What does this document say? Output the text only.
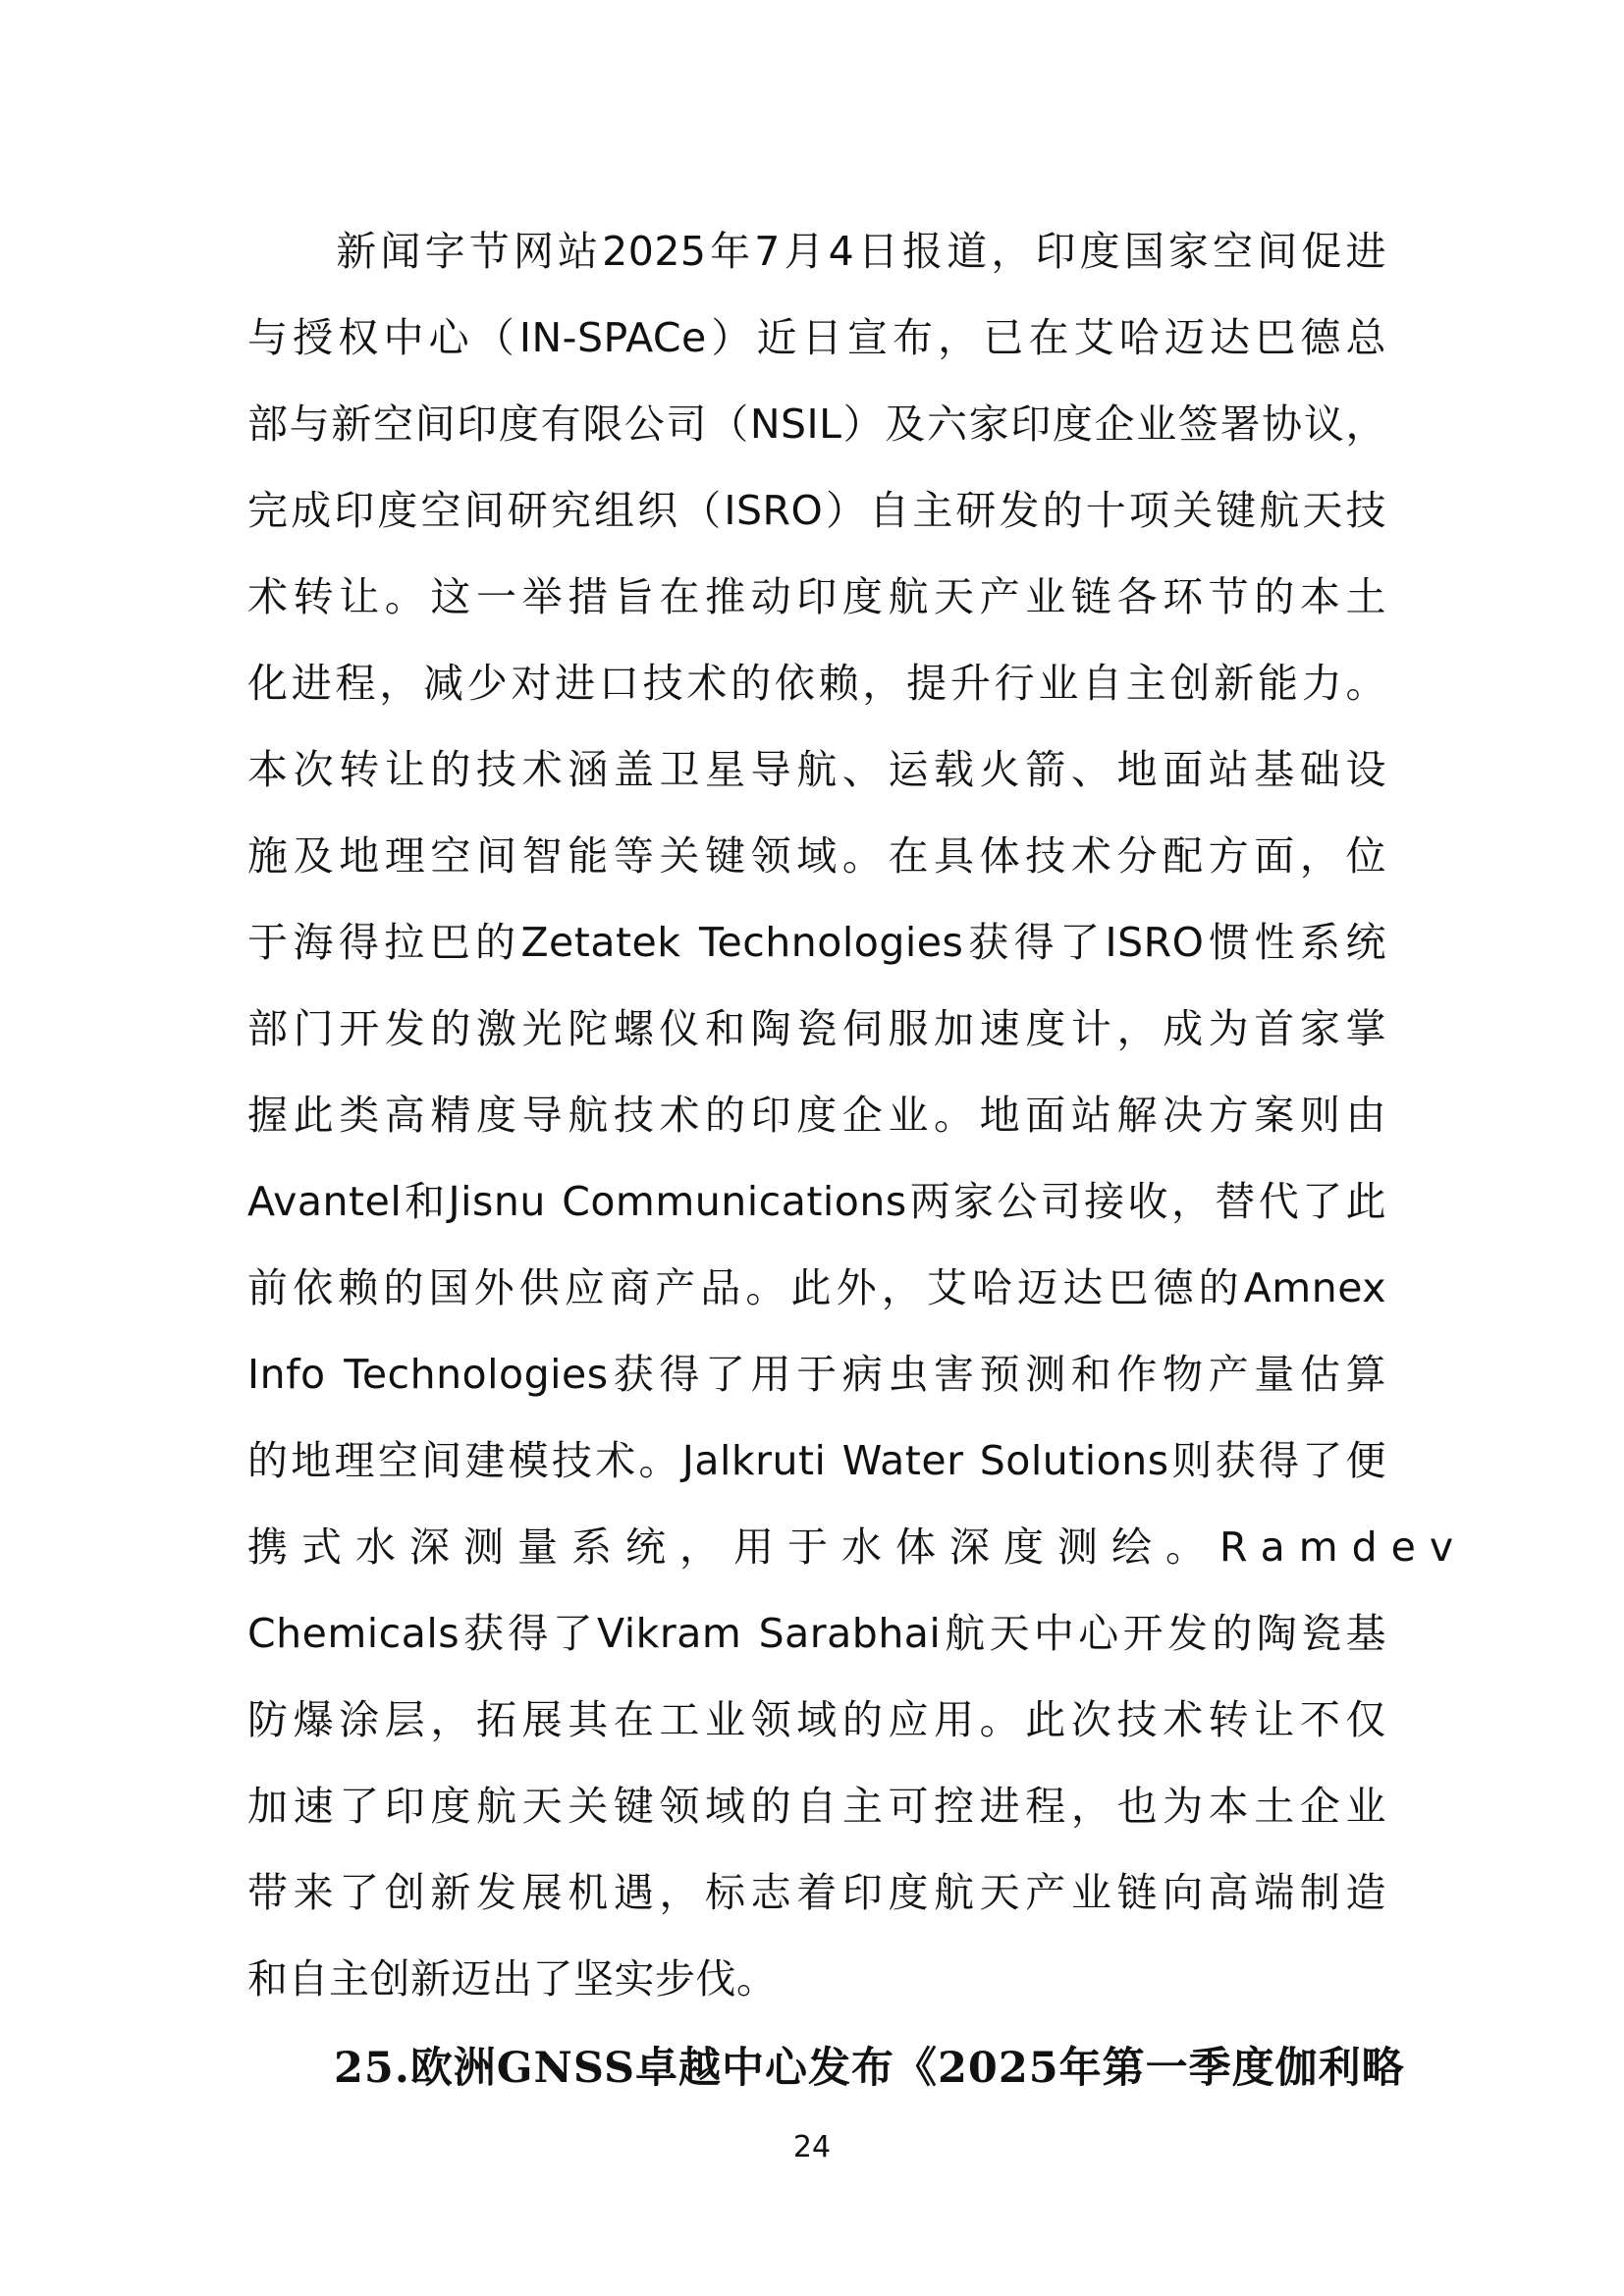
　　新闻字节网站2025年7月4日报道，印度国家空间促进
与授权中心（IN-SPACe）近日宣布，已在艾哈迈达巴德总
部与新空间印度有限公司（NSIL）及六家印度企业签署协议，
完成印度空间研究组织（ISRO）自主研发的十项关键航天技
术转让。这一举措旨在推动印度航天产业链各环节的本土
化进程，减少对进口技术的依赖，提升行业自主创新能力。
本次转让的技术涵盖卫星导航、运载火箭、地面站基础设
施及地理空间智能等关键领域。在具体技术分配方面，位
于海得拉巴的Zetatek Technologies获得了ISRO惯性系统
部门开发的激光陀螺仪和陶瓷伺服加速度计，成为首家掌
握此类高精度导航技术的印度企业。地面站解决方案则由
Avantel和Jisnu Communications两家公司接收，替代了此
前依赖的国外供应商产品。此外，艾哈迈达巴德的Amnex
Info Technologies获得了用于病虫害预测和作物产量估算
的地理空间建模技术。Jalkruti Water Solutions则获得了便
携式水深测量系统，用于水体深度测绘。Ramdev
Chemicals获得了Vikram Sarabhai航天中心开发的陶瓷基
防爆涂层，拓展其在工业领域的应用。此次技术转让不仅
加速了印度航天关键领域的自主可控进程，也为本土企业
带来了创新发展机遇，标志着印度航天产业链向高端制造
和自主创新迈出了坚实步伐。
25.欧洲GNSS卓越中心发布《2025年第一季度伽利略
24
